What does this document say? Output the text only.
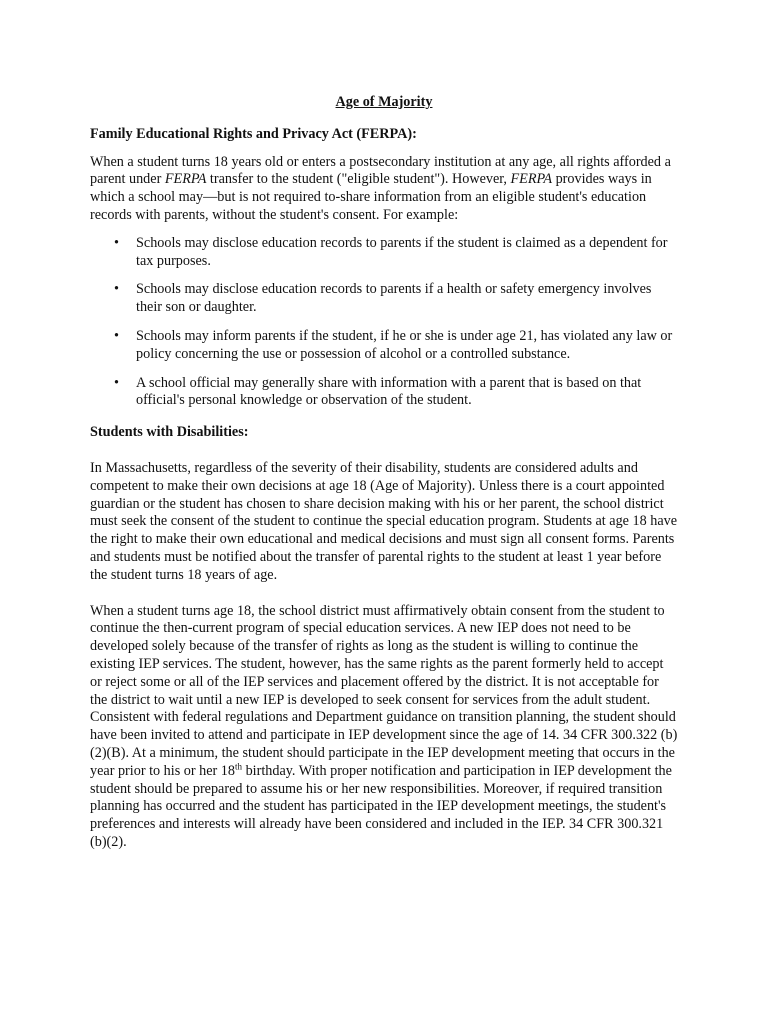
Age of Majority

Family Educational Rights and Privacy Act (FERPA):

When a student turns 18 years old or enters a postsecondary institution at any age, all rights afforded a parent under FERPA transfer to the student ("eligible student"). However, FERPA provides ways in which a school may—but is not required to-share information from an eligible student's education records with parents, without the student's consent. For example:

• Schools may disclose education records to parents if the student is claimed as a dependent for tax purposes.
• Schools may disclose education records to parents if a health or safety emergency involves their son or daughter.
• Schools may inform parents if the student, if he or she is under age 21, has violated any law or policy concerning the use or possession of alcohol or a controlled substance.
• A school official may generally share with information with a parent that is based on that official's personal knowledge or observation of the student.

Students with Disabilities:

In Massachusetts, regardless of the severity of their disability, students are considered adults and competent to make their own decisions at age 18 (Age of Majority). Unless there is a court appointed guardian or the student has chosen to share decision making with his or her parent, the school district must seek the consent of the student to continue the special education program. Students at age 18 have the right to make their own educational and medical decisions and must sign all consent forms. Parents and students must be notified about the transfer of parental rights to the student at least 1 year before the student turns 18 years of age.

When a student turns age 18, the school district must affirmatively obtain consent from the student to continue the then-current program of special education services. A new IEP does not need to be developed solely because of the transfer of rights as long as the student is willing to continue the existing IEP services. The student, however, has the same rights as the parent formerly held to accept or reject some or all of the IEP services and placement offered by the district. It is not acceptable for the district to wait until a new IEP is developed to seek consent for services from the adult student. Consistent with federal regulations and Department guidance on transition planning, the student should have been invited to attend and participate in IEP development since the age of 14. 34 CFR 300.322 (b)(2)(B). At a minimum, the student should participate in the IEP development meeting that occurs in the year prior to his or her 18th birthday. With proper notification and participation in IEP development the student should be prepared to assume his or her new responsibilities. Moreover, if required transition planning has occurred and the student has participated in the IEP development meetings, the student's preferences and interests will already have been considered and included in the IEP. 34 CFR 300.321 (b)(2).
